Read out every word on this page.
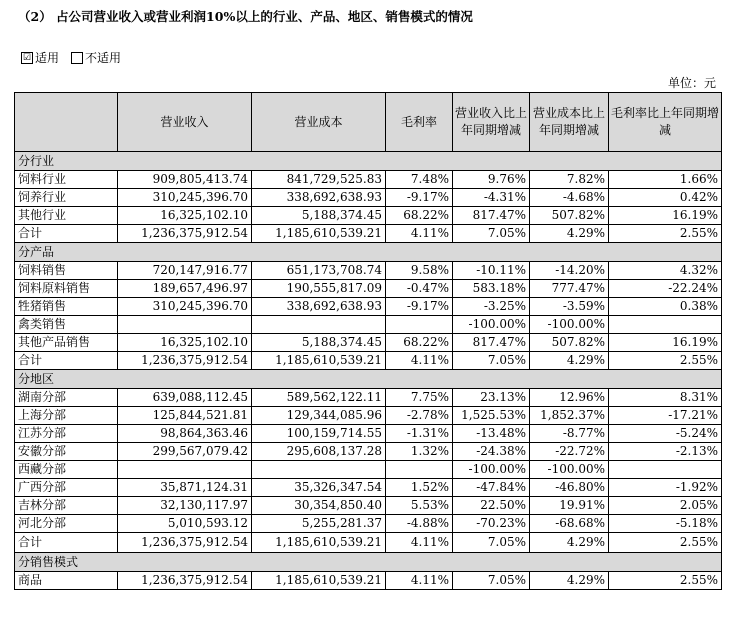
（2） 占公司营业收入或营业利润10%以上的行业、产品、地区、销售模式的情况
☑ 适用 不适用
单位：元
	营业收入	营业成本	毛利率	营业收入比上年同期增减	营业成本比上年同期增减	毛利率比上年同期增减
分行业						
饲料行业	909,805,413.74	841,729,525.83	7.48%	9.76%	7.82%	1.66%
饲养行业	310,245,396.70	338,692,638.93	-9.17%	-4.31%	-4.68%	0.42%
其他行业	16,325,102.10	5,188,374.45	68.22%	817.47%	507.82%	16.19%
合计	1,236,375,912.54	1,185,610,539.21	4.11%	7.05%	4.29%	2.55%
分产品						
饲料销售	720,147,916.77	651,173,708.74	9.58%	-10.11%	-14.20%	4.32%
饲料原料销售	189,657,496.97	190,555,817.09	-0.47%	583.18%	777.47%	-22.24%
牲猪销售	310,245,396.70	338,692,638.93	-9.17%	-3.25%	-3.59%	0.38%
禽类销售				-100.00%	-100.00%	
其他产品销售	16,325,102.10	5,188,374.45	68.22%	817.47%	507.82%	16.19%
合计	1,236,375,912.54	1,185,610,539.21	4.11%	7.05%	4.29%	2.55%
分地区						
湖南分部	639,088,112.45	589,562,122.11	7.75%	23.13%	12.96%	8.31%
上海分部	125,844,521.81	129,344,085.96	-2.78%	1,525.53%	1,852.37%	-17.21%
江苏分部	98,864,363.46	100,159,714.55	-1.31%	-13.48%	-8.77%	-5.24%
安徽分部	299,567,079.42	295,608,137.28	1.32%	-24.38%	-22.72%	-2.13%
西藏分部				-100.00%	-100.00%	
广西分部	35,871,124.31	35,326,347.54	1.52%	-47.84%	-46.80%	-1.92%
吉林分部	32,130,117.97	30,354,850.40	5.53%	22.50%	19.91%	2.05%
河北分部	5,010,593.12	5,255,281.37	-4.88%	-70.23%	-68.68%	-5.18%
合计	1,236,375,912.54	1,185,610,539.21	4.11%	7.05%	4.29%	2.55%
分销售模式						
商品	1,236,375,912.54	1,185,610,539.21	4.11%	7.05%	4.29%	2.55%
